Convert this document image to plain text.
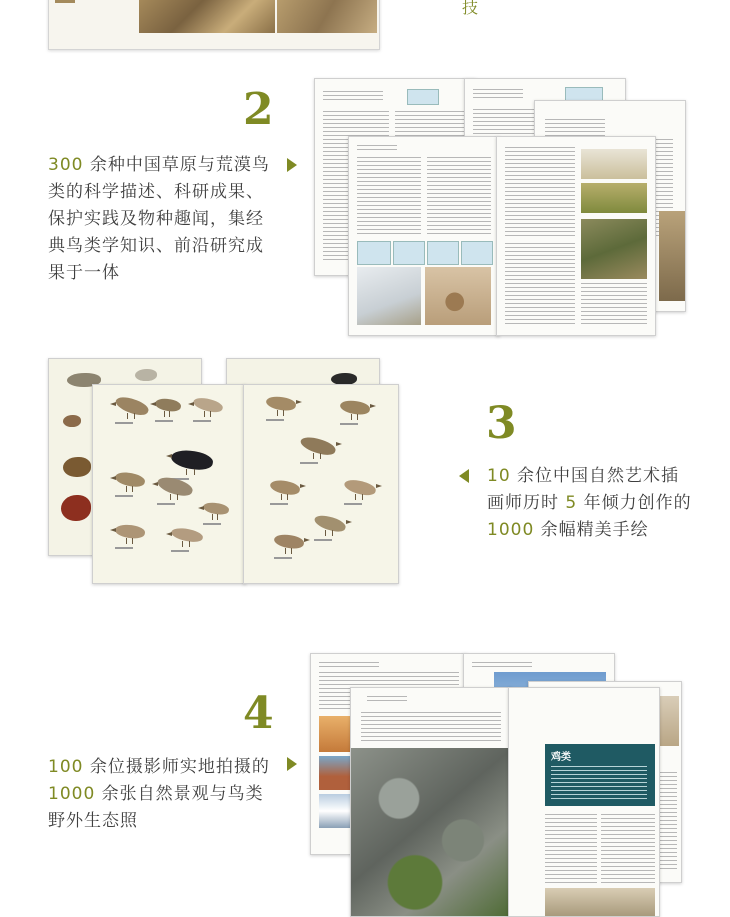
技
2
300 余种中国草原与荒漠鸟
类的科学描述、科研成果、
保护实践及物种趣闻，集经
典鸟类学知识、前沿研究成
果于一体
3
10 余位中国自然艺术插
画师历时 5 年倾力创作的
1000 余幅精美手绘
4
100 余位摄影师实地拍摄的
1000 余张自然景观与鸟类
野外生态照
鸡类
